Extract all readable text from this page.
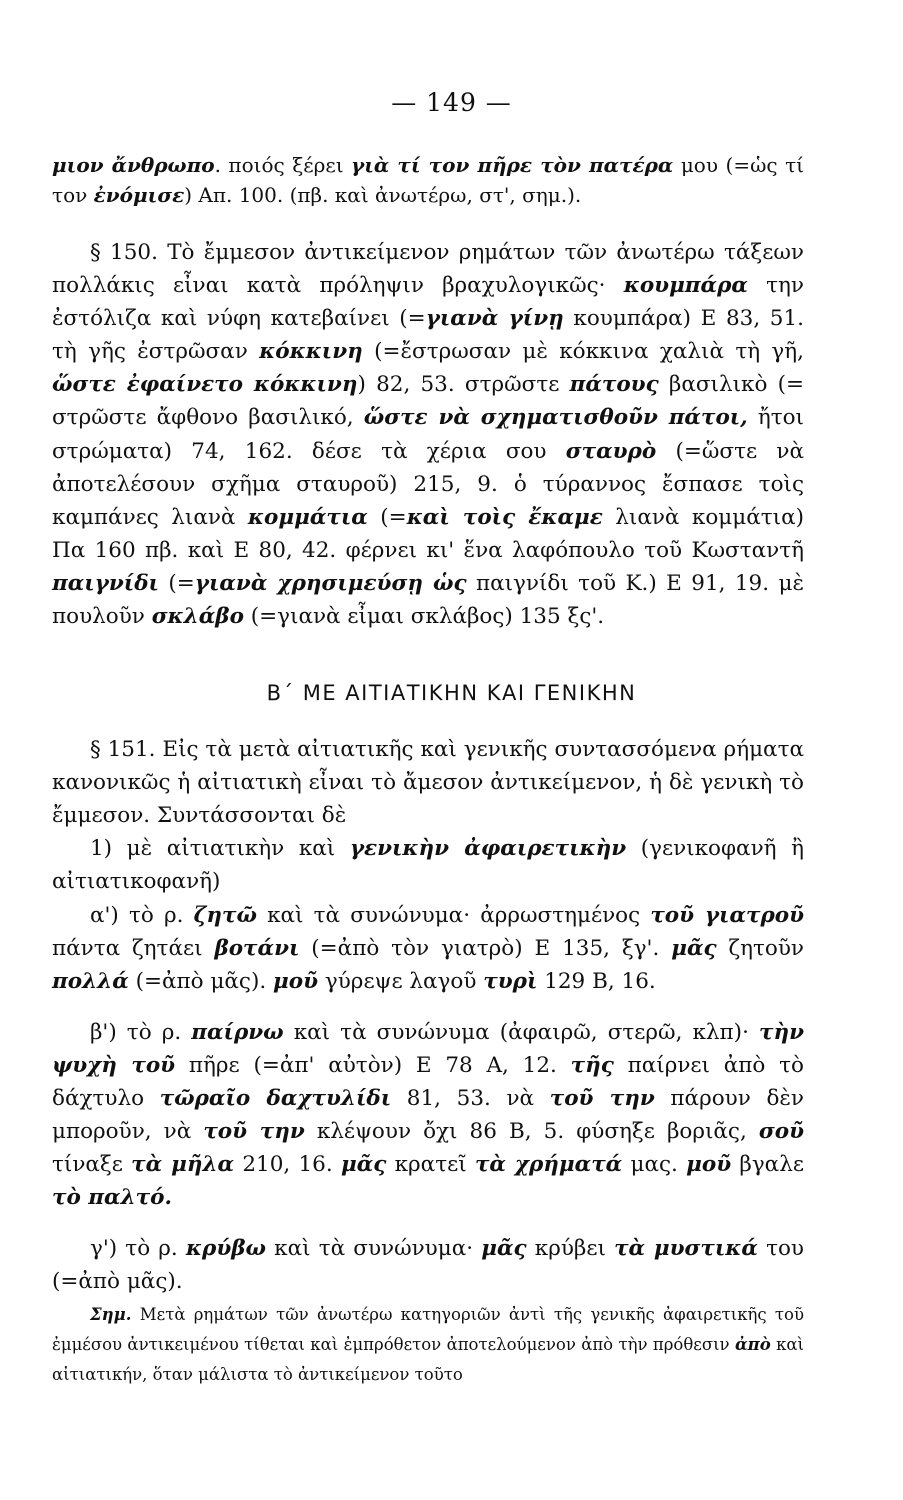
— 149 —

μιον ἄνθρωπο. ποιός ξέρει γιὰ τί τον πῆρε τὸν πατέρα μου (=ὡς τί τον ἐνόμισε) Απ. 100. (πβ. καὶ ἀνωτέρω, στ', σημ.).

§ 150. Τὸ ἔμμεσον ἀντικείμενον ρημάτων τῶν ἀνωτέρω τάξεων πολλάκις εἶναι κατὰ πρόληψιν βραχυλογικῶς· κουμπάρα την ἐστόλιζα καὶ νύφη κατεβαίνει (=γιανὰ γίνῃ κουμπάρα) Ε 83, 51. τὴ γῆς ἐστρῶσαν κόκκινη (=ἔστρωσαν μὲ κόκκινα χαλιὰ τὴ γῆ, ὥστε ἐφαίνετο κόκκινη) 82, 53. στρῶστε πάτους βασιλικὸ (= στρῶστε ἄφθονο βασιλικό, ὥστε νὰ σχηματισθοῦν πάτοι, ἤτοι στρώματα) 74, 162. δέσε τὰ χέρια σου σταυρὸ (=ὥστε νὰ ἀποτελέσουν σχῆμα σταυροῦ) 215, 9. ὁ τύραννος ἔσπασε τοὶς καμπάνες λιανὰ κομμάτια (=καὶ τοὶς ἔκαμε λιανὰ κομμάτια) Πα 160 πβ. καὶ Ε 80, 42. φέρνει κι' ἕνα λαφόπουλο τοῦ Κωσταντῆ παιγνίδι (=γιανὰ χρησιμεύσῃ ὡς παιγνίδι τοῦ Κ.) Ε 91, 19. μὲ πουλοῦν σκλάβο (=γιανὰ εἶμαι σκλάβος) 135 ξς'.

Β΄ ΜΕ ΑΙΤΙΑΤΙΚΗΝ ΚΑΙ ΓΕΝΙΚΗΝ

§ 151. Εἰς τὰ μετὰ αἰτιατικῆς καὶ γενικῆς συντασσόμενα ρήματα κανονικῶς ἡ αἰτιατικὴ εἶναι τὸ ἄμεσον ἀντικείμενον, ἡ δὲ γενικὴ τὸ ἔμμεσον. Συντάσσονται δὲ

1) μὲ αἰτιατικὴν καὶ γενικὴν ἀφαιρετικὴν (γενικοφανῆ ἢ αἰτιατικοφανῆ)

α') τὸ ρ. ζητῶ καὶ τὰ συνώνυμα· ἀρρωστημένος τοῦ γιατροῦ πάντα ζητάει βοτάνι (=ἀπὸ τὸν γιατρὸ) Ε 135, ξγ'. μᾶς ζητοῦν πολλά (=ἀπὸ μᾶς). μοῦ γύρεψε λαγοῦ τυρὶ 129 Β, 16.

β') τὸ ρ. παίρνω καὶ τὰ συνώνυμα (ἀφαιρῶ, στερῶ, κλπ)· τὴν ψυχὴ τοῦ πῆρε (=ἀπ' αὐτὸν) Ε 78 Α, 12. τῆς παίρνει ἀπὸ τὸ δάχτυλο τῶραῖο δαχτυλίδι 81, 53. νὰ τοῦ την πάρουν δὲν μποροῦν, νὰ τοῦ την κλέψουν ὄχι 86 Β, 5. φύσηξε βοριᾶς, σοῦ τίναξε τὰ μῆλα 210, 16. μᾶς κρατεῖ τὰ χρήματά μας. μοῦ βγαλε τὸ παλτό.

γ') τὸ ρ. κρύβω καὶ τὰ συνώνυμα· μᾶς κρύβει τὰ μυστικά του (=ἀπὸ μᾶς).

Σημ. Μετὰ ρημάτων τῶν ἀνωτέρω κατηγοριῶν ἀντὶ τῆς γενικῆς ἀφαιρετικῆς τοῦ ἐμμέσου ἀντικειμένου τίθεται καὶ ἐμπρόθετον ἀποτελούμενον ἀπὸ τὴν πρόθεσιν ἀπὸ καὶ αἰτιατικήν, ὅταν μάλιστα τὸ ἀντικείμενον τοῦτο
